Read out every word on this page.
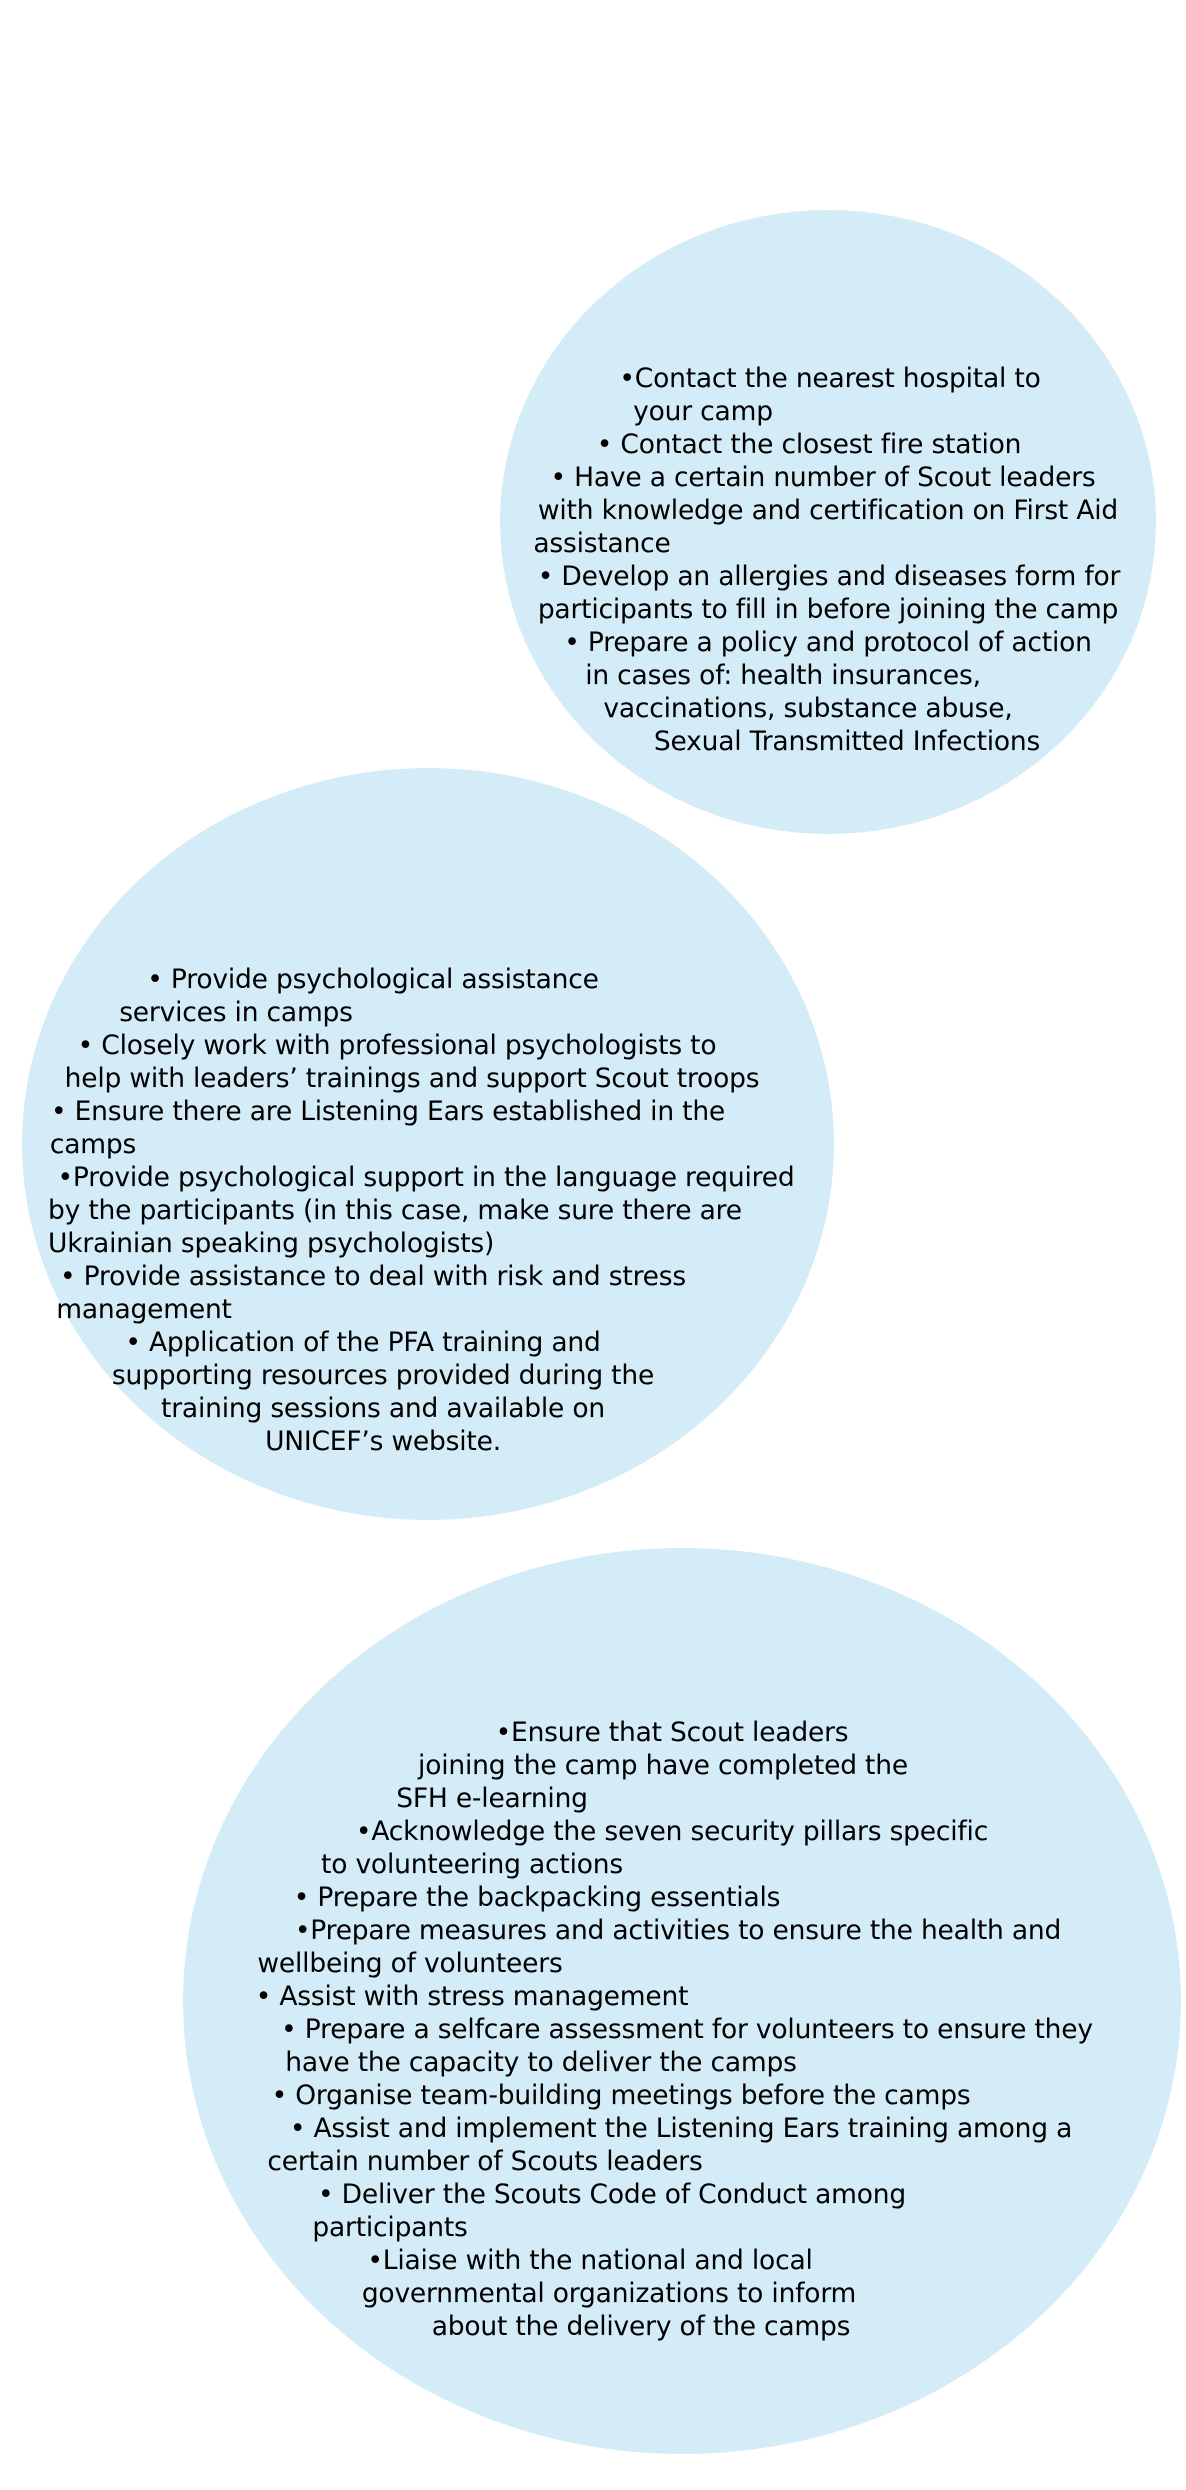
•Contact the nearest hospital to
your camp
• Contact the closest fire station
• Have a certain number of Scout leaders
with knowledge and certification on First Aid
assistance
• Develop an allergies and diseases form for
participants to fill in before joining the camp
• Prepare a policy and protocol of action
in cases of: health insurances,
vaccinations, substance abuse,
Sexual Transmitted Infections
• Provide psychological assistance
services in camps
• Closely work with professional psychologists to
help with leaders’ trainings and support Scout troops
• Ensure there are Listening Ears established in the
camps
•Provide psychological support in the language required
by the participants (in this case, make sure there are
Ukrainian speaking psychologists)
• Provide assistance to deal with risk and stress
management
• Application of the PFA training and
supporting resources provided during the
training sessions and available on
UNICEF’s website.
•Ensure that Scout leaders
joining the camp have completed the
SFH e-learning
•Acknowledge the seven security pillars specific
to volunteering actions
• Prepare the backpacking essentials
•Prepare measures and activities to ensure the health and
wellbeing of volunteers
• Assist with stress management
• Prepare a selfcare assessment for volunteers to ensure they
have the capacity to deliver the camps
• Organise team-building meetings before the camps
• Assist and implement the Listening Ears training among a
certain number of Scouts leaders
• Deliver the Scouts Code of Conduct among
participants
•Liaise with the national and local
governmental organizations to inform
about the delivery of the camps
